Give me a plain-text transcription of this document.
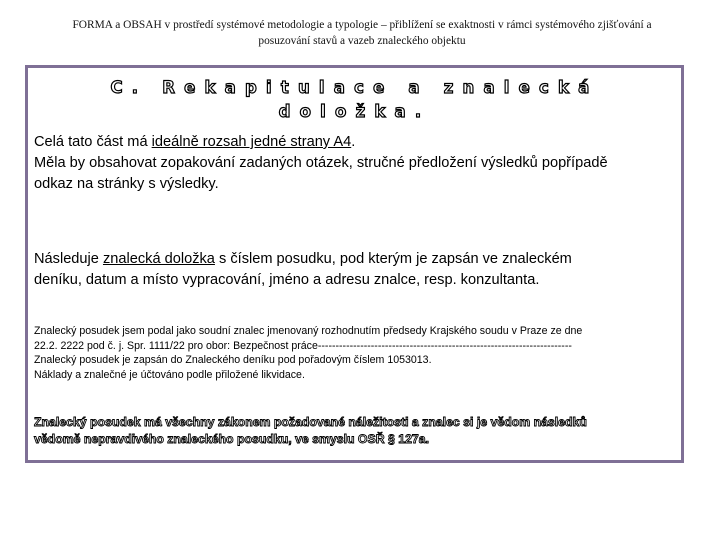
FORMA a OBSAH v prostředí systémové metodologie a typologie – přiblížení se exaktnosti v rámci systémového zjišťování a
posuzování stavů a vazeb znaleckého objektu
C. Rekapitulace a znalecká doložka.
Celá tato část má ideálně rozsah jedné strany A4.
Měla by obsahovat zopakování zadaných otázek, stručné předložení výsledků popřípadě
odkaz na stránky s výsledky.
Následuje znalecká doložka s číslem posudku, pod kterým je zapsán ve znaleckém
deníku, datum a místo vypracování, jméno a adresu znalce, resp. konzultanta.
Znalecký posudek jsem podal jako soudní znalec jmenovaný rozhodnutím předsedy Krajského soudu v Praze ze dne
22.2. 2222 pod č. j. Spr. 1111/22 pro obor: Bezpečnost práce------------------------------------------------------------------------
Znalecký posudek je zapsán do Znaleckého deníku pod pořadovým číslem 1053013.
Náklady a znalečné je účtováno podle přiložené likvidace.
Znalecký posudek má všechny zákonem požadované náležitosti a znalec si je vědom následků
vědomě nepravdivého znaleckého posudku, ve smyslu OSŘ § 127a.
